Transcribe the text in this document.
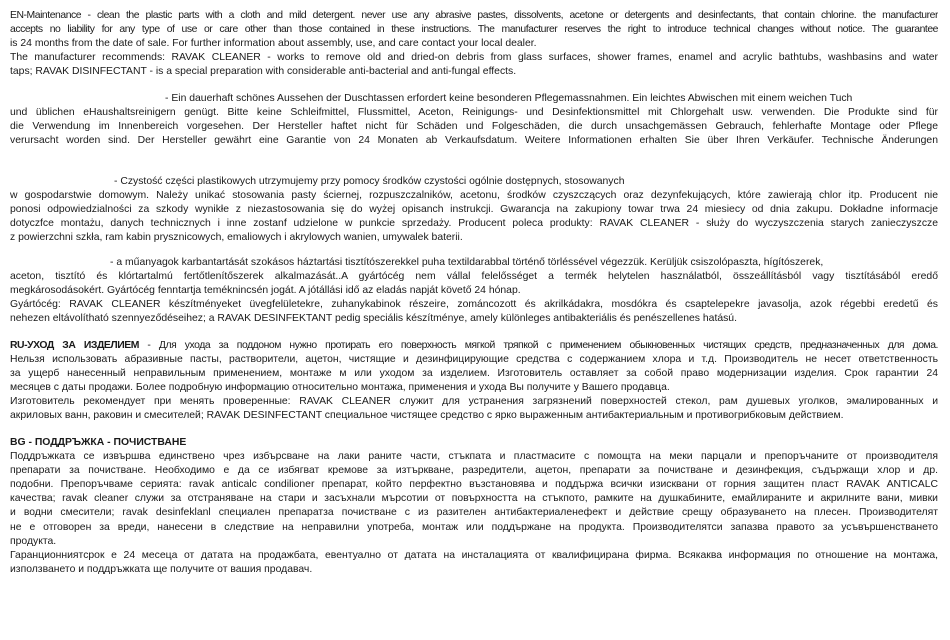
EN-Maintenance - clean the plastic parts with a cloth and mild detergent. never use any abrasive pastes, dissolvents, acetone or detergents and desinfectants, that contain chlorine. the manufacturer
accepts no liability for any type of use or care other than those contained in these instructions. The manufacturer reserves the right to introduce technical changes without notice. The guarantee
is 24 months from the date of sale. For further information about assembly, use, and care contact your local dealer.
The manufacturer recommends: RAVAK CLEANER - works to remove old and dried-on debris from glass surfaces, shower frames, enamel and acrylic bathtubs, washbasins and water
taps; RAVAK DISINFECTANT - is a special preparation with considerable anti-bacterial and anti-fungal effects.
- Ein dauerhaft schönes Aussehen der Duschtassen erfordert keine besonderen Pflegemassnahmen. Ein leichtes Abwischen mit einem weichen Tuch
und üblichen eHaushaltsreinigern genügt. Bitte keine Schleifmittel, Flussmittel, Aceton, Reinigungs- und Desinfektionsmittel mit Chlorgehalt usw. verwenden. Die Produkte sind für
die Verwendung im Innenbereich vorgesehen. Der Hersteller haftet nicht für Schäden und Folgeschäden, die durch unsachgemässen Gebrauch, fehlerhafte Montage oder Pflege
verursacht worden sind. Der Hersteller gewährt eine Garantie von 24 Monaten ab Verkaufsdatum. Weitere Informationen erhalten Sie über Ihren Verkäufer. Technische Änderungen
- Czystość części plastikowych utrzymujemy przy pomocy środków czystości ogólnie dostępnych, stosowanych
w gospodarstwie domowym. Należy unikać stosowania pasty ściernej, rozpuszczalników, acetonu, środków czyszczących oraz dezynfekujących, które zawierają chlor itp. Producent nie
ponosi odpowiedzialności za szkody wynikłe z niezastosowania się do wyżej opisanch instrukcji. Gwarancja na zakupiony towar trwa 24 miesiecy od dnia zakupu. Dokładne informacje
dotyczfce montażu, danych technicznych i inne zostanf udzielone w punkcie sprzedaży. Producent poleca produkty: RAVAK CLEANER - służy do wyczyszczenia starych zanieczyszcze
z powierzchni szkła, ram kabin prysznicowych, emaliowych i akrylowych wanien, umywalek baterii.
- a műanyagok karbantartását szokásos háztartási tisztítószerekkel puha textildarabbal történő törléssével végezzük. Kerüljük csiszolópaszta, hígítószerek,
aceton, tisztító és klórtartalmú fertőtlenítőszerek alkalmazását..A gyártócég nem vállal felelősséget a termék helytelen használatból, összeállításból vagy tisztításából eredő
megkárosodásokért. Gyártócég fenntartja teméknincsén jogát. A jótállási idő az eladás napját követő 24 hónap.
Gyártócég: RAVAK CLEANER készítményeket üvegfelületekre, zuhanykabinok részeire, zománcozott és akrilkádakra, mosdókra és csaptelepekre javasolja, azok régebbi eredetű és
nehezen eltávolítható szennyeződéseihez; a RAVAK DESINFEKTANT pedig speciális készítménye, amely különleges antibakteriális és penészellenes hatású.
RU-УХОД ЗА ИЗДЕЛИЕМ - Для ухода за поддоном нужно протирать его поверхность мягкой тряпкой с применением обыкновенных чистящих средств, предназначенных для дома.
Нельзя использовать абразивные пасты, растворители, ацетон, чистящие и дезинфицирующие средства с содержанием хлора и т.д. Производитель не несет ответственность
за ущерб нанесенный неправильным применением, монтаже м или уходом за изделием. Изготовитель оставляет за собой право модернизации изделия. Срок гарантии 24
месяцев с даты продажи. Более подробную информацию относительно монтажа, применения и ухода Вы получите у Вашего продавца.
Изготовитель рекомендует при менять проверенные: RAVAK CLEANER служит для устранения загрязнений поверхностей стекол, рам душевых уголков, эмалированных и
акриловых ванн, раковин и смесителей; RAVAK DESINFECTANT специальное чистящее средство с ярко выраженным антибактериальным и противогрибковым действием.
BG - ПОДДРЪЖКА - ПОЧИСТВАНЕ
Поддръжката се извършва единствено чрез избърсване на лаки раните части, стъкпата и пластмасите с помощта на меки парцали и препоръчаните от производителя
препарати за почистване. Необходимо е да се избягват кремове за изтъркване, разредители, ацетон, препарати за почистване и дезинфекция, съдържащи хлор и др.
подобни. Препоръчваме серията: ravak anticalc condilioner препарат, който перфектно възстановява и поддържа всички изисквани от горния защитен пласт RAVAK ANTICALC
качества; ravak cleaner служи за отстраняване на стари и засъхнали мърсотии от повърхността на стъкпото, рамките на душкабините, емайлираните и акрилните вани, мивки
и водни смесители; ravak desinfeklanl специален препаратза почистване с из разителен антибактериаленефект и действие срещу образуването на плесен. Производителят
не е отговорен за вреди, нанесени в следствие на неправилни употреба, монтаж или поддържане на продукта. Производителятси запазва правото за усъвършенстването
продукта.
Гаранционниятсрок е 24 месеца от датата на продажбата, евентуално от датата на инсталацията от квалифицирана фирма. Всякаква информация по отношение на монтажа,
използването и поддръжката ще получите от вашия продавач.
